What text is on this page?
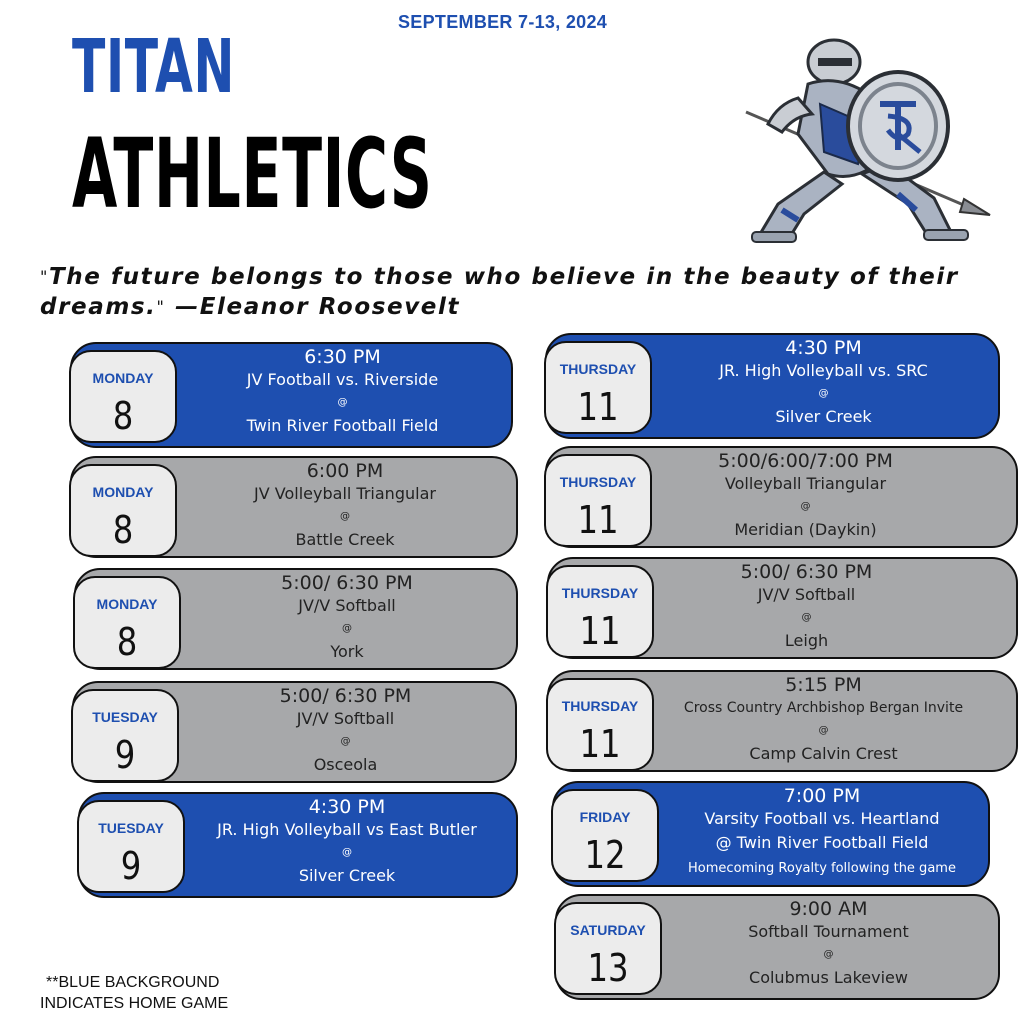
SEPTEMBER 7-13, 2024
TITAN
ATHLETICS
"The future belongs to those who believe in the beauty of their dreams." —Eleanor Roosevelt
MONDAY
8
6:30 PM
JV Football vs. Riverside
@
Twin River Football Field
MONDAY
8
6:00 PM
JV Volleyball Triangular
@
Battle Creek
MONDAY
8
5:00/ 6:30 PM
JV/V Softball
@
York
TUESDAY
9
5:00/ 6:30 PM
JV/V Softball
@
Osceola
TUESDAY
9
4:30 PM
JR. High Volleyball vs East Butler
@
Silver Creek
THURSDAY
11
4:30 PM
JR. High Volleyball vs. SRC
@
Silver Creek
THURSDAY
11
5:00/6:00/7:00 PM
Volleyball Triangular
@
Meridian (Daykin)
THURSDAY
11
5:00/ 6:30 PM
JV/V Softball
@
Leigh
THURSDAY
11
5:15 PM
Cross Country Archbishop Bergan Invite
@
Camp Calvin Crest
FRIDAY
12
7:00 PM
Varsity Football vs. Heartland
@ Twin River Football Field
Homecoming Royalty following the game
SATURDAY
13
9:00 AM
Softball Tournament
@
Colubmus Lakeview
**BLUE BACKGROUND
INDICATES HOME GAME
